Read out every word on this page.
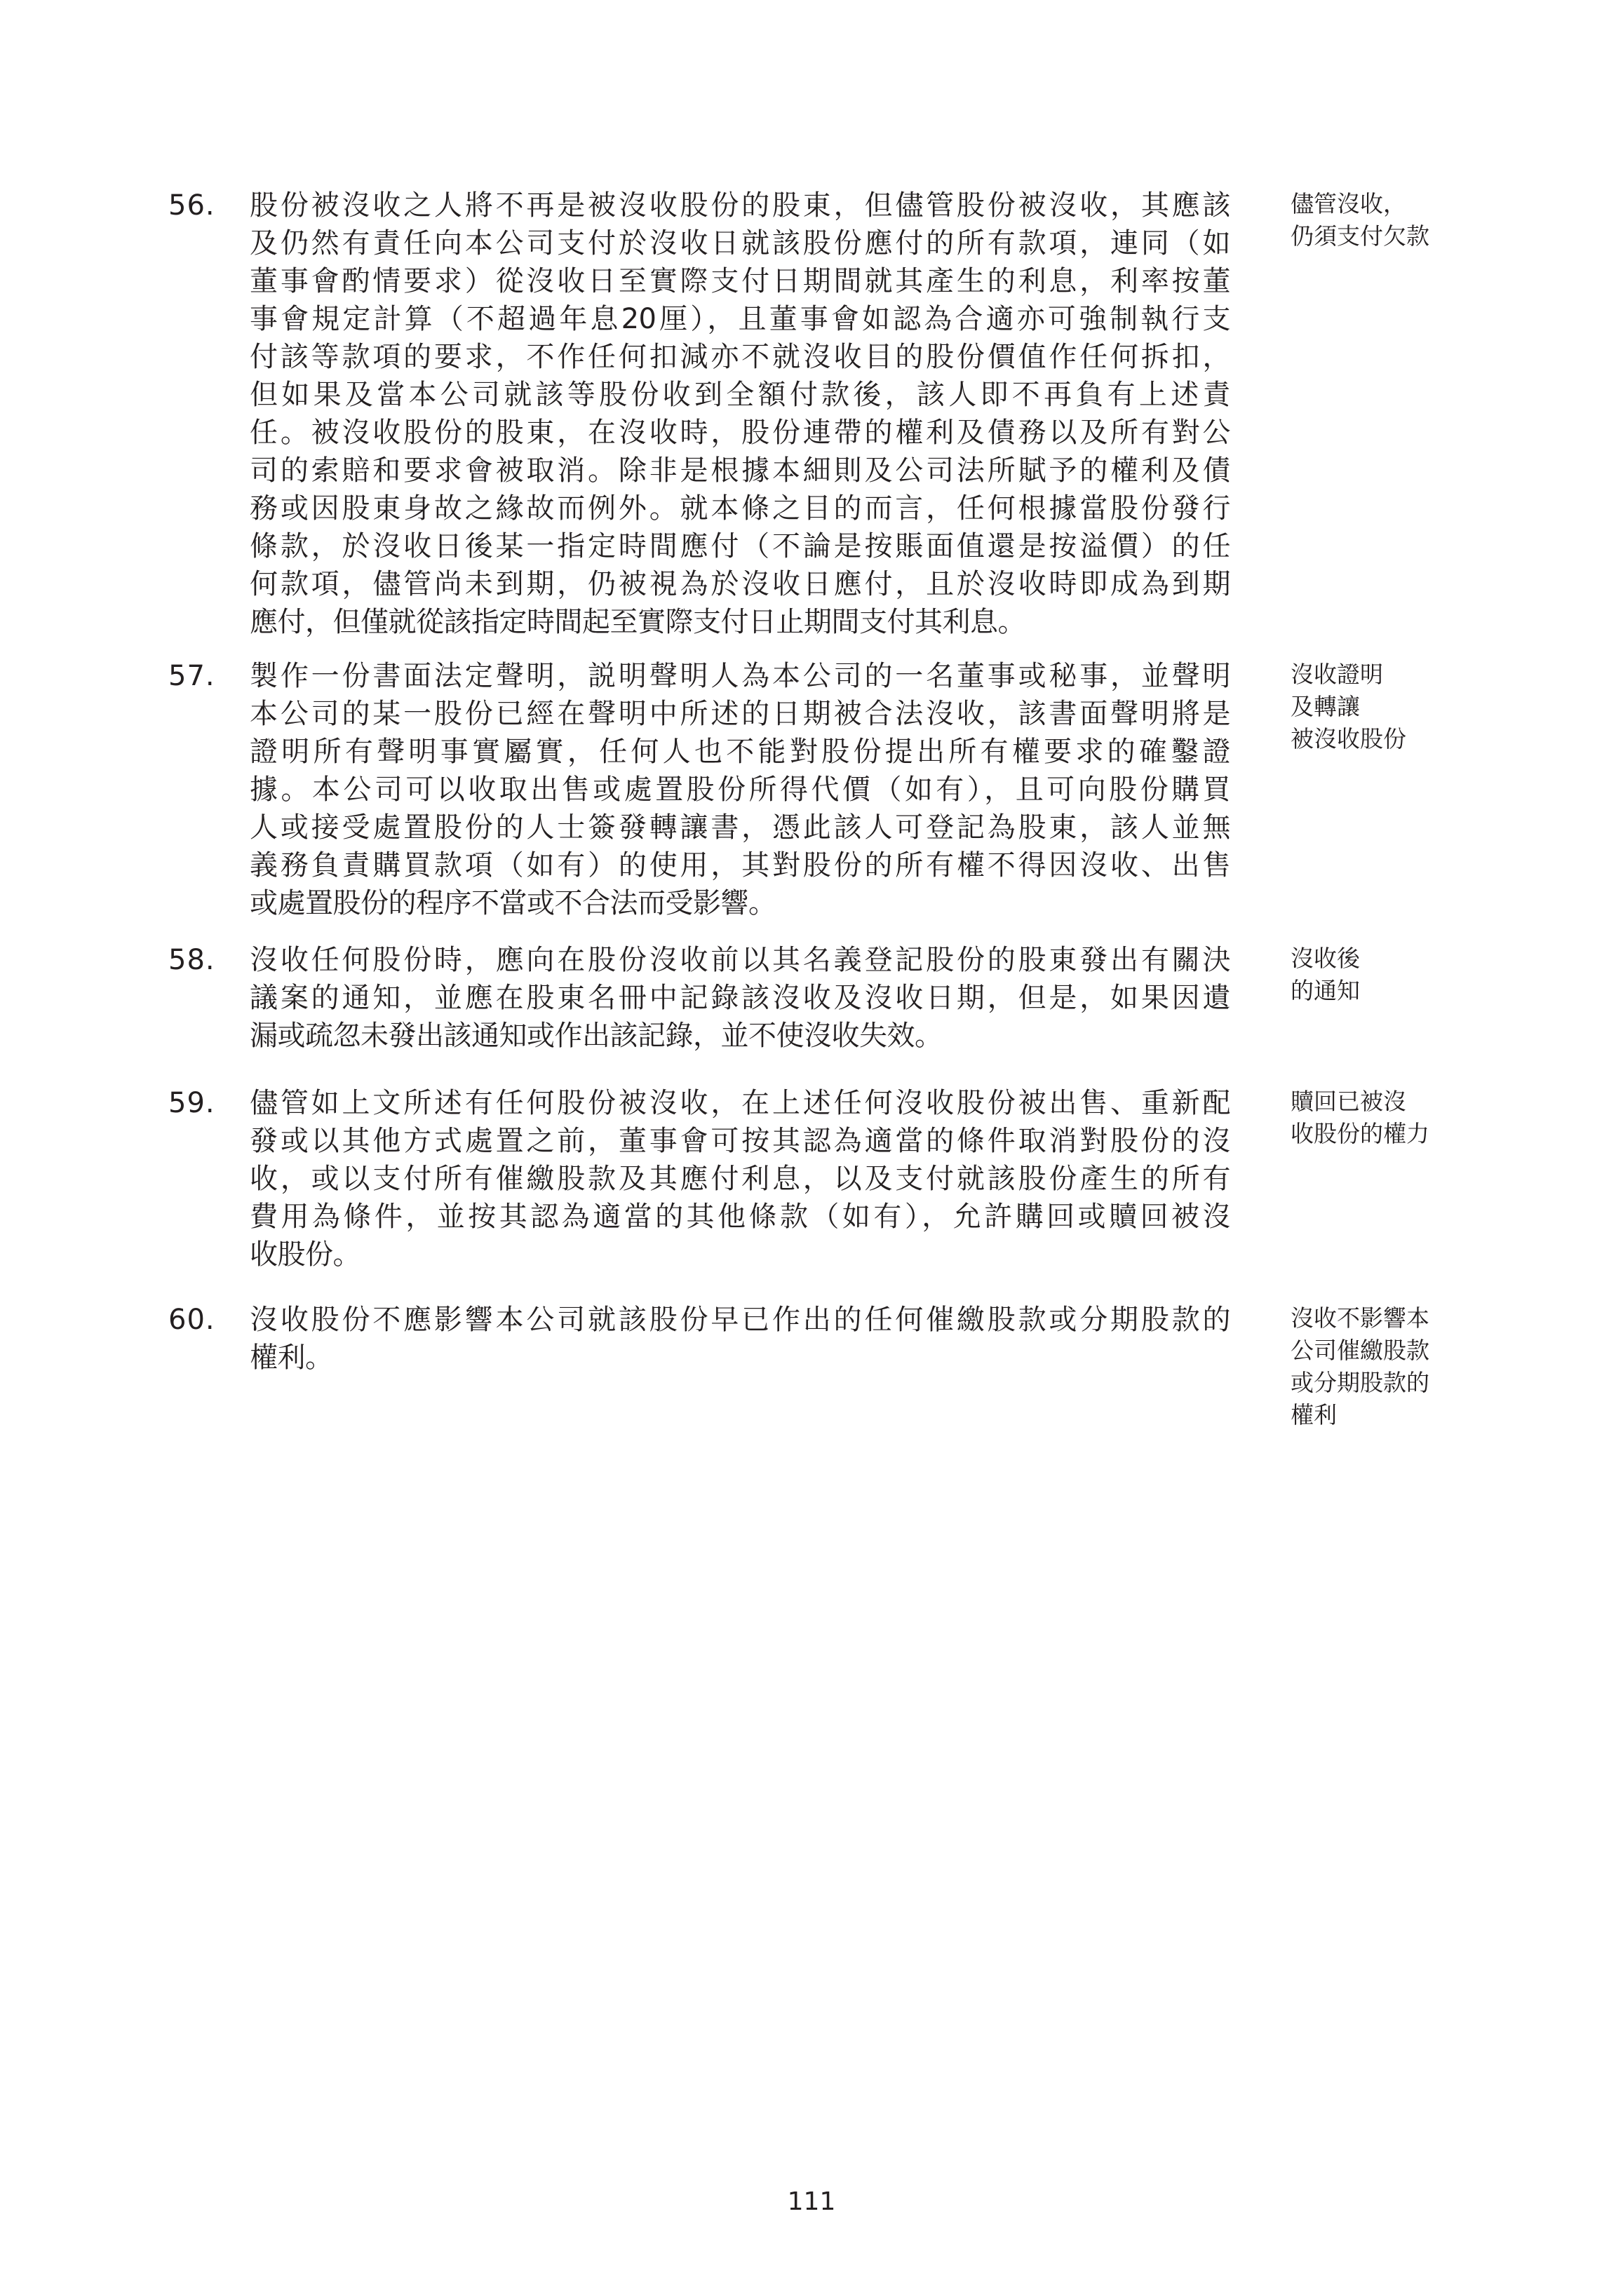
56. 股份被沒收之人將不再是被沒收股份的股東，但儘管股份被沒收，其應該
及仍然有責任向本公司支付於沒收日就該股份應付的所有款項，連同（如
董事會酌情要求）從沒收日至實際支付日期間就其產生的利息，利率按董
事會規定計算（不超過年息20厘），且董事會如認為合適亦可強制執行支
付該等款項的要求，不作任何扣減亦不就沒收目的股份價值作任何拆扣，
但如果及當本公司就該等股份收到全額付款後，該人即不再負有上述責
任。被沒收股份的股東，在沒收時，股份連帶的權利及債務以及所有對公
司的索賠和要求會被取消。除非是根據本細則及公司法所賦予的權利及債
務或因股東身故之緣故而例外。就本條之目的而言，任何根據當股份發行
條款，於沒收日後某一指定時間應付（不論是按賬面值還是按溢價）的任
何款項，儘管尚未到期，仍被視為於沒收日應付，且於沒收時即成為到期
應付，但僅就從該指定時間起至實際支付日止期間支付其利息。
儘管沒收，
仍須支付欠款
57. 製作一份書面法定聲明，説明聲明人為本公司的一名董事或秘事，並聲明
本公司的某一股份已經在聲明中所述的日期被合法沒收，該書面聲明將是
證明所有聲明事實屬實，任何人也不能對股份提出所有權要求的確鑿證
據。本公司可以收取出售或處置股份所得代價（如有），且可向股份購買
人或接受處置股份的人士簽發轉讓書，憑此該人可登記為股東，該人並無
義務負責購買款項（如有）的使用，其對股份的所有權不得因沒收、出售
或處置股份的程序不當或不合法而受影響。
沒收證明
及轉讓
被沒收股份
58. 沒收任何股份時，應向在股份沒收前以其名義登記股份的股東發出有關決
議案的通知，並應在股東名冊中記錄該沒收及沒收日期，但是，如果因遺
漏或疏忽未發出該通知或作出該記錄，並不使沒收失效。
沒收後
的通知
59. 儘管如上文所述有任何股份被沒收，在上述任何沒收股份被出售、重新配
發或以其他方式處置之前，董事會可按其認為適當的條件取消對股份的沒
收，或以支付所有催繳股款及其應付利息，以及支付就該股份產生的所有
費用為條件，並按其認為適當的其他條款（如有），允許購回或贖回被沒
收股份。
贖回已被沒
收股份的權力
60. 沒收股份不應影響本公司就該股份早已作出的任何催繳股款或分期股款的
權利。
沒收不影響本
公司催繳股款
或分期股款的
權利
111
